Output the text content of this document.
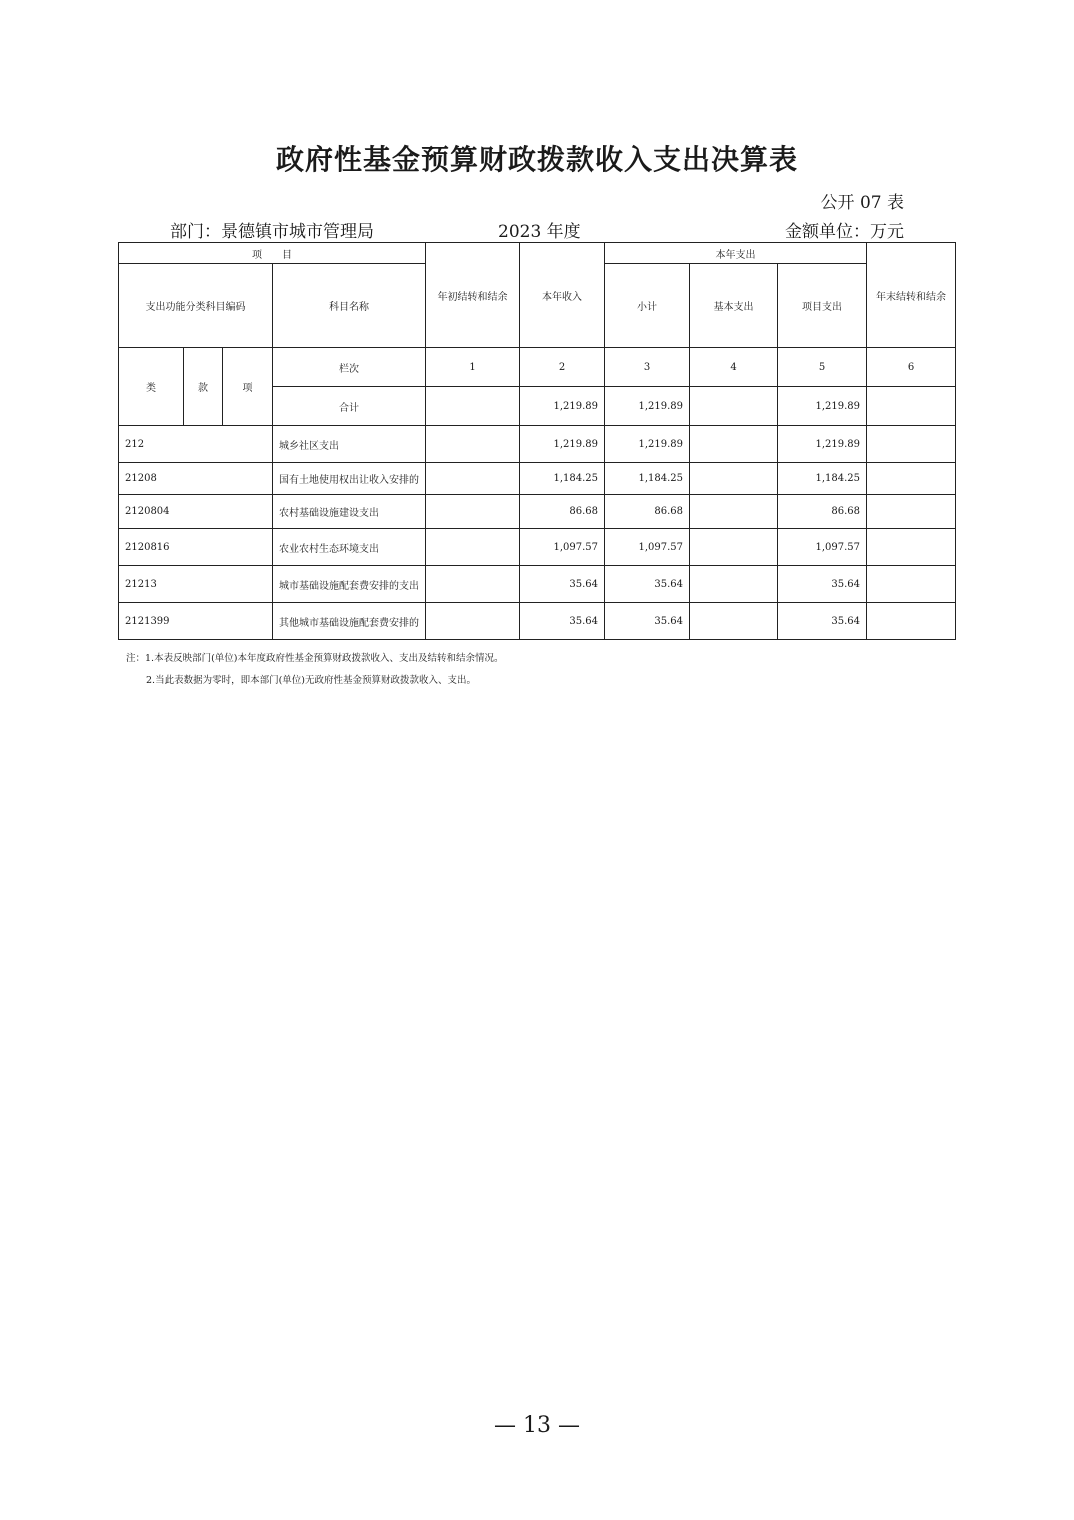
政府性基金预算财政拨款收入支出决算表
公开 07 表
部门：景德镇市城市管理局	2023 年度	金额单位：万元
项　　目				年初结转和结余	本年收入	本年支出			年末结转和结余
支出功能分类科目编码			科目名称			小计	基本支出	项目支出	
类	款	项	栏次	1	2	3	4	5	6
			合计		1,219.89	1,219.89		1,219.89	
212			城乡社区支出		1,219.89	1,219.89		1,219.89	
21208			国有土地使用权出让收入安排的		1,184.25	1,184.25		1,184.25	
2120804			农村基础设施建设支出		86.68	86.68		86.68	
2120816			农业农村生态环境支出		1,097.57	1,097.57		1,097.57	
21213			城市基础设施配套费安排的支出		35.64	35.64		35.64	
2121399			其他城市基础设施配套费安排的		35.64	35.64		35.64	
注：1.本表反映部门(单位)本年度政府性基金预算财政拨款收入、支出及结转和结余情况。
2.当此表数据为零时，即本部门(单位)无政府性基金预算财政拨款收入、支出。
— 13 —
